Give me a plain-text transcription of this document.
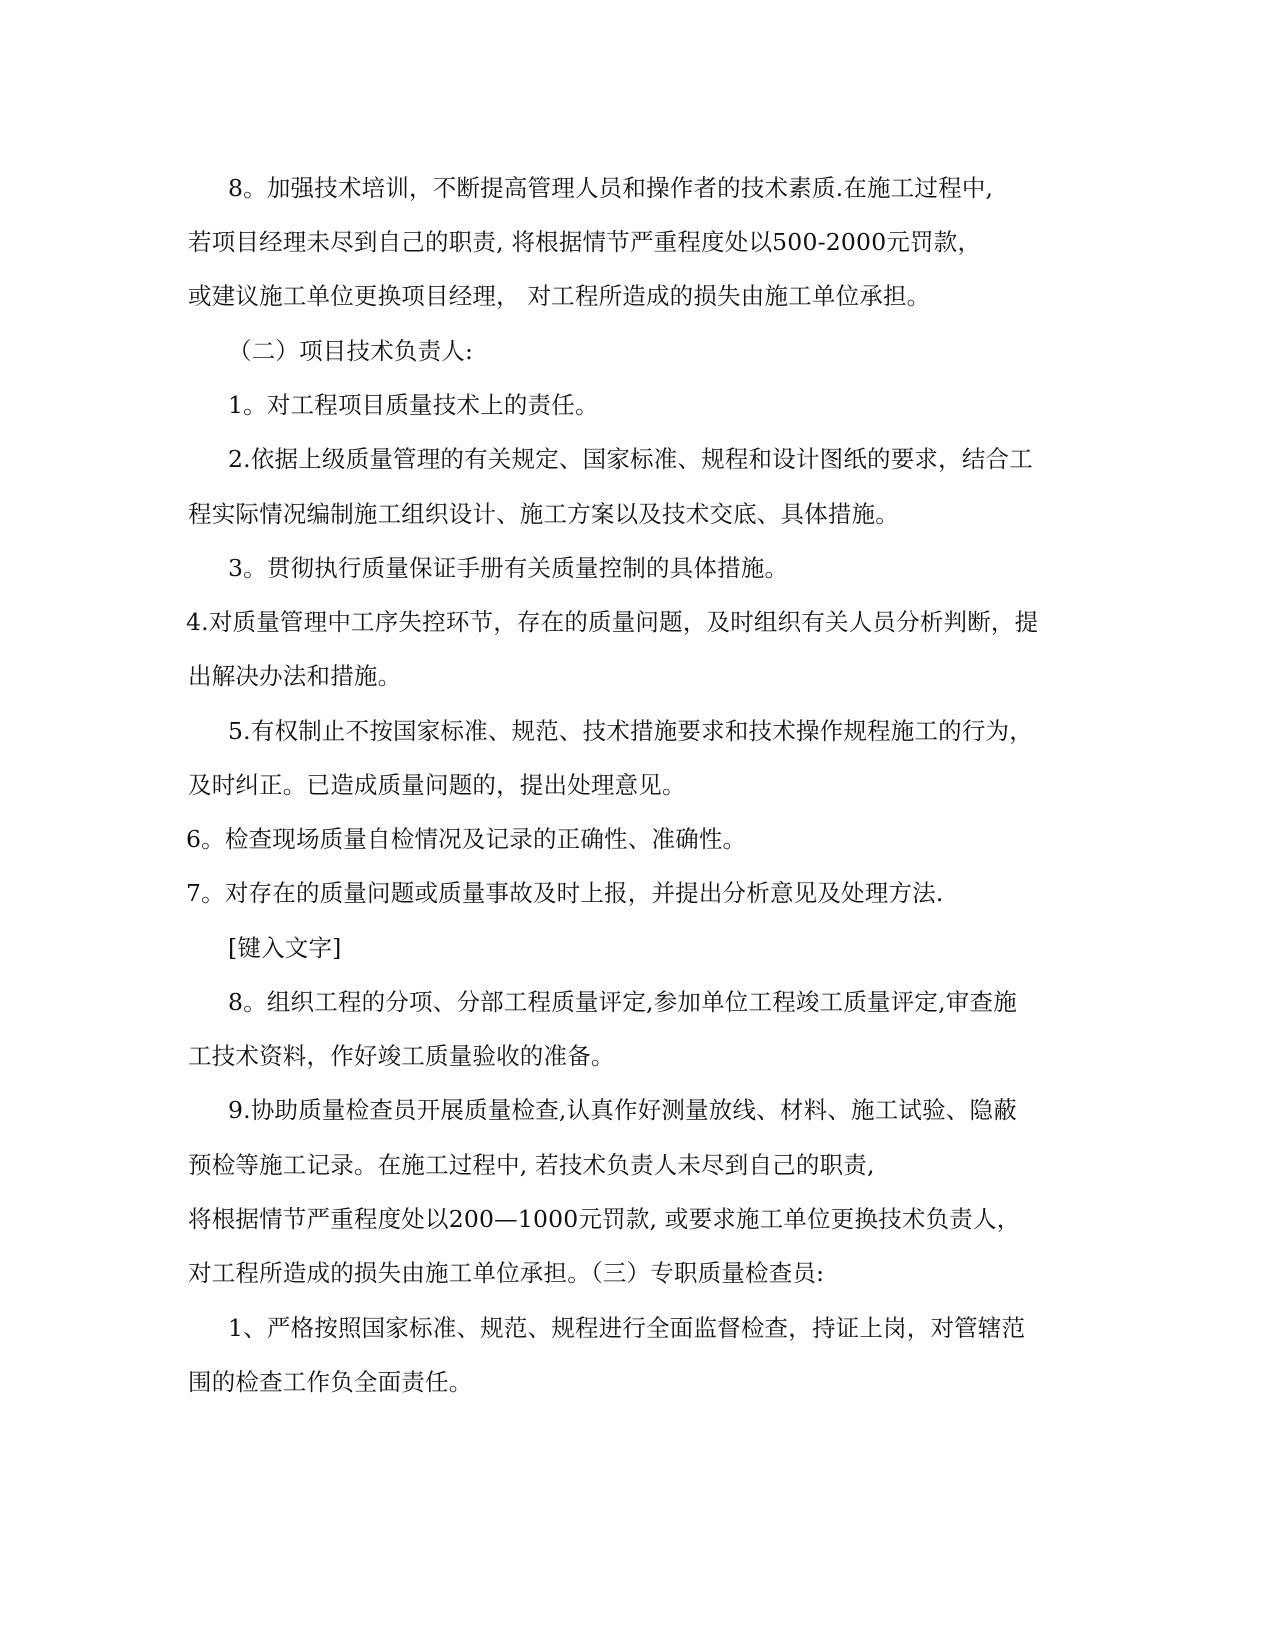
8。加强技术培训，不断提高管理人员和操作者的技术素质.在施工过程中,
若项目经理未尽到自己的职责, 将根据情节严重程度处以500-2000元罚款，
或建议施工单位更换项目经理， 对工程所造成的损失由施工单位承担。
（二）项目技术负责人:
1。对工程项目质量技术上的责任。
2.依据上级质量管理的有关规定、国家标准、规程和设计图纸的要求，结合工
程实际情况编制施工组织设计、施工方案以及技术交底、具体措施。
3。贯彻执行质量保证手册有关质量控制的具体措施。
4.对质量管理中工序失控环节，存在的质量问题，及时组织有关人员分析判断，提
出解决办法和措施。
5.有权制止不按国家标准、规范、技术措施要求和技术操作规程施工的行为，
及时纠正。已造成质量问题的，提出处理意见。
6。检查现场质量自检情况及记录的正确性、准确性。
7。对存在的质量问题或质量事故及时上报，并提出分析意见及处理方法.
[键入文字]
8。组织工程的分项、分部工程质量评定,参加单位工程竣工质量评定,审查施
工技术资料，作好竣工质量验收的准备。
9.协助质量检查员开展质量检查,认真作好测量放线、材料、施工试验、隐蔽
预检等施工记录。在施工过程中, 若技术负责人未尽到自己的职责,
将根据情节严重程度处以200—1000元罚款, 或要求施工单位更换技术负责人，
对工程所造成的损失由施工单位承担。（三）专职质量检查员:
1、严格按照国家标准、规范、规程进行全面监督检查，持证上岗，对管辖范
围的检查工作负全面责任。
